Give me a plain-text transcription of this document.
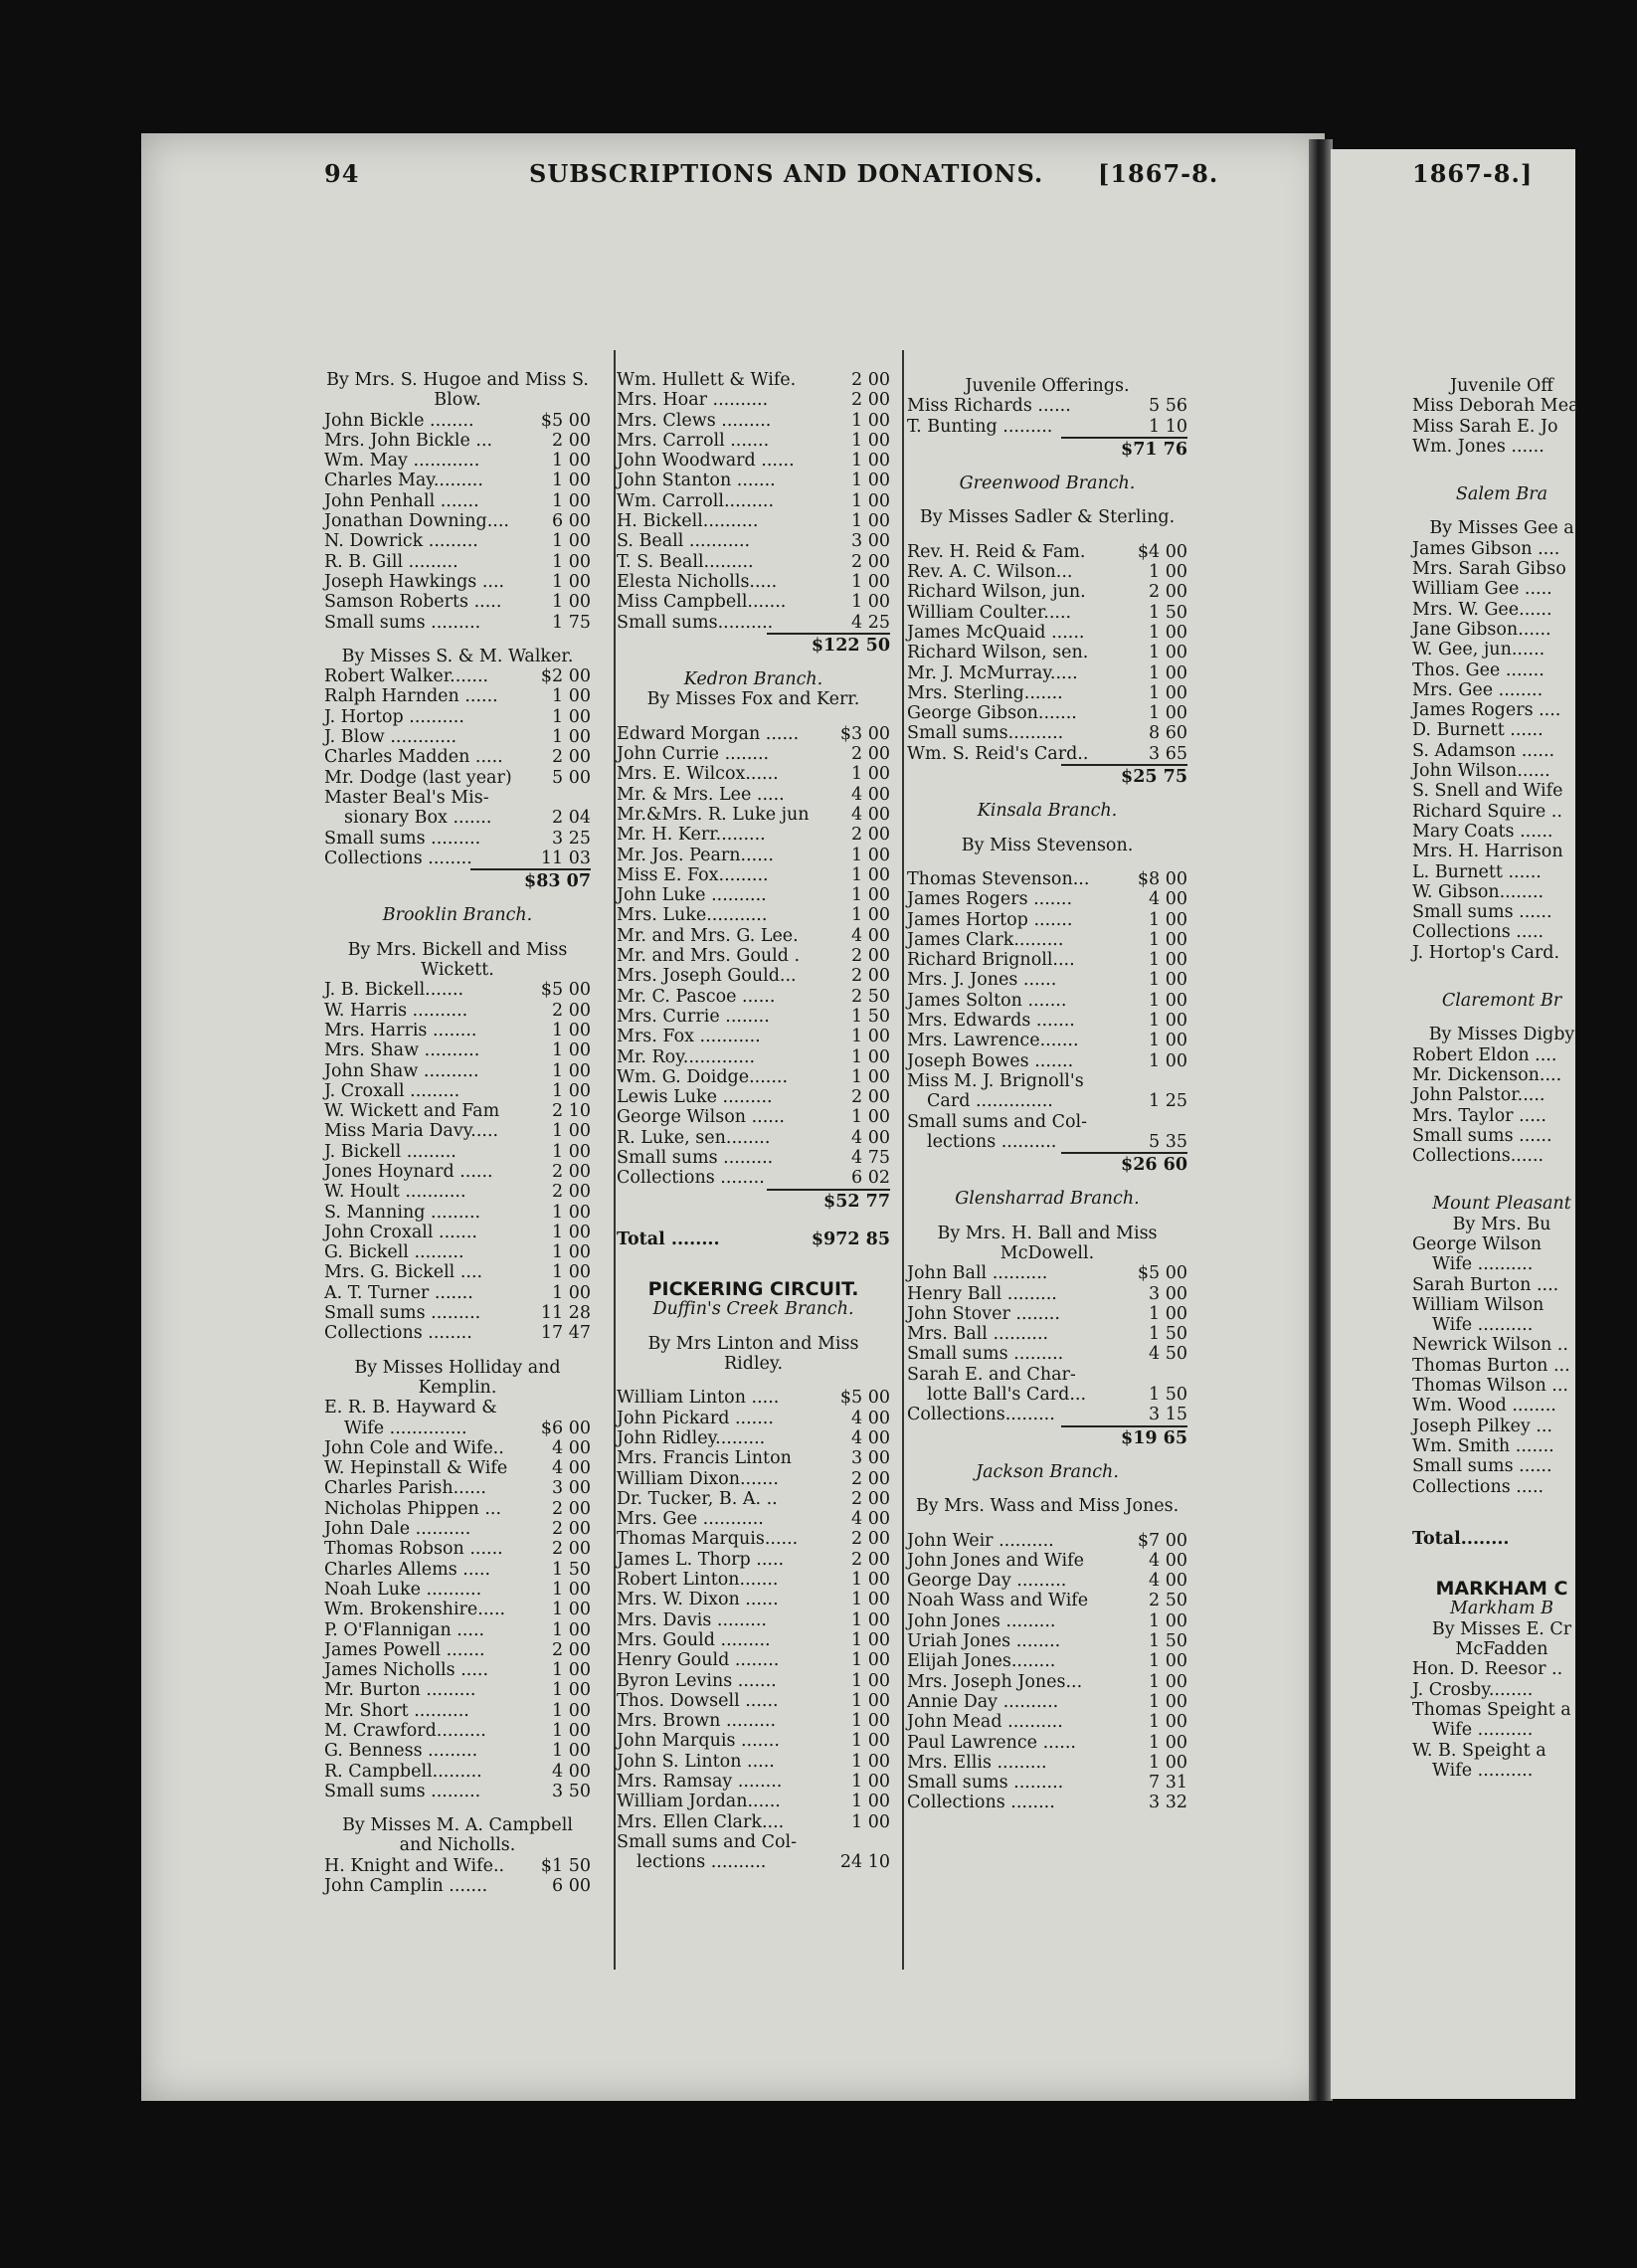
94	SUBSCRIPTIONS AND DONATIONS. [1867-8.	1867-8.]
By Mrs. S. Hugoe and Miss S.
Blow.
John Bickle ........	$5 00
Mrs. John Bickle ...	2 00
Wm. May ............	1 00
Charles May.........	1 00
John Penhall .......	1 00
Jonathan Downing....	6 00
N. Dowrick .........	1 00
R. B. Gill .........	1 00
Joseph Hawkings ....	1 00
Samson Roberts .....	1 00
Small sums .........	1 75
By Misses S. & M. Walker.
Robert Walker.......	$2 00
Ralph Harnden ......	1 00
J. Hortop ..........	1 00
J. Blow ............	1 00
Charles Madden .....	2 00
Mr. Dodge (last year)	5 00
Master Beal's Mis-
sionary Box .......	2 04
Small sums .........	3 25
Collections ........	11 03
$83 07
Brooklin Branch.
By Mrs. Bickell and Miss
Wickett.
J. B. Bickell.......	$5 00
W. Harris ..........	2 00
Mrs. Harris ........	1 00
Mrs. Shaw ..........	1 00
John Shaw ..........	1 00
J. Croxall .........	1 00
W. Wickett and Fam	2 10
Miss Maria Davy.....	1 00
J. Bickell .........	1 00
Jones Hoynard ......	2 00
W. Hoult ...........	2 00
S. Manning .........	1 00
John Croxall .......	1 00
G. Bickell .........	1 00
Mrs. G. Bickell ....	1 00
A. T. Turner .......	1 00
Small sums .........	11 28
Collections ........	17 47
By Misses Holliday and
Kemplin.
E. R. B. Hayward &
Wife ..............	$6 00
John Cole and Wife..	4 00
W. Hepinstall & Wife	4 00
Charles Parish......	3 00
Nicholas Phippen ...	2 00
John Dale ..........	2 00
Thomas Robson ......	2 00
Charles Allems .....	1 50
Noah Luke ..........	1 00
Wm. Brokenshire.....	1 00
P. O'Flannigan .....	1 00
James Powell .......	2 00
James Nicholls .....	1 00
Mr. Burton .........	1 00
Mr. Short ..........	1 00
M. Crawford.........	1 00
G. Benness .........	1 00
R. Campbell.........	4 00
Small sums .........	3 50
By Misses M. A. Campbell
and Nicholls.
H. Knight and Wife..	$1 50
John Camplin .......	6 00
Wm. Hullett & Wife.	2 00
Mrs. Hoar ..........	2 00
Mrs. Clews .........	1 00
Mrs. Carroll .......	1 00
John Woodward ......	1 00
John Stanton .......	1 00
Wm. Carroll.........	1 00
H. Bickell..........	1 00
S. Beall ...........	3 00
T. S. Beall.........	2 00
Elesta Nicholls.....	1 00
Miss Campbell.......	1 00
Small sums..........	4 25
$122 50
Kedron Branch.
By Misses Fox and Kerr.
Edward Morgan ......	$3 00
John Currie ........	2 00
Mrs. E. Wilcox......	1 00
Mr. & Mrs. Lee .....	4 00
Mr.&Mrs. R. Luke jun	4 00
Mr. H. Kerr.........	2 00
Mr. Jos. Pearn......	1 00
Miss E. Fox.........	1 00
John Luke ..........	1 00
Mrs. Luke...........	1 00
Mr. and Mrs. G. Lee.	4 00
Mr. and Mrs. Gould .	2 00
Mrs. Joseph Gould...	2 00
Mr. C. Pascoe ......	2 50
Mrs. Currie ........	1 50
Mrs. Fox ...........	1 00
Mr. Roy.............	1 00
Wm. G. Doidge.......	1 00
Lewis Luke .........	2 00
George Wilson ......	1 00
R. Luke, sen........	4 00
Small sums .........	4 75
Collections ........	6 02
$52 77
Total ........	$972 85
PICKERING CIRCUIT.
Duffin's Creek Branch.
By Mrs Linton and Miss
Ridley.
William Linton .....	$5 00
John Pickard .......	4 00
John Ridley.........	4 00
Mrs. Francis Linton	3 00
William Dixon.......	2 00
Dr. Tucker, B. A. ..	2 00
Mrs. Gee ...........	4 00
Thomas Marquis......	2 00
James L. Thorp .....	2 00
Robert Linton.......	1 00
Mrs. W. Dixon ......	1 00
Mrs. Davis .........	1 00
Mrs. Gould .........	1 00
Henry Gould ........	1 00
Byron Levins .......	1 00
Thos. Dowsell ......	1 00
Mrs. Brown .........	1 00
John Marquis .......	1 00
John S. Linton .....	1 00
Mrs. Ramsay ........	1 00
William Jordan......	1 00
Mrs. Ellen Clark....	1 00
Small sums and Col-
lections ..........	24 10
Juvenile Offerings.
Miss Richards ......	5 56
T. Bunting .........	1 10
$71 76
Greenwood Branch.
By Misses Sadler & Sterling.
Rev. H. Reid & Fam.	$4 00
Rev. A. C. Wilson...	1 00
Richard Wilson, jun.	2 00
William Coulter.....	1 50
James McQuaid ......	1 00
Richard Wilson, sen.	1 00
Mr. J. McMurray.....	1 00
Mrs. Sterling.......	1 00
George Gibson.......	1 00
Small sums..........	8 60
Wm. S. Reid's Card..	3 65
$25 75
Kinsala Branch.
By Miss Stevenson.
Thomas Stevenson...	$8 00
James Rogers .......	4 00
James Hortop .......	1 00
James Clark.........	1 00
Richard Brignoll....	1 00
Mrs. J. Jones ......	1 00
James Solton .......	1 00
Mrs. Edwards .......	1 00
Mrs. Lawrence.......	1 00
Joseph Bowes .......	1 00
Miss M. J. Brignoll's
Card ..............	1 25
Small sums and Col-
lections ..........	5 35
$26 60
Glensharrad Branch.
By Mrs. H. Ball and Miss
McDowell.
John Ball ..........	$5 00
Henry Ball .........	3 00
John Stover ........	1 00
Mrs. Ball ..........	1 50
Small sums .........	4 50
Sarah E. and Char-
lotte Ball's Card...	1 50
Collections.........	3 15
$19 65
Jackson Branch.
By Mrs. Wass and Miss Jones.
John Weir ..........	$7 00
John Jones and Wife	4 00
George Day .........	4 00
Noah Wass and Wife	2 50
John Jones .........	1 00
Uriah Jones ........	1 50
Elijah Jones........	1 00
Mrs. Joseph Jones...	1 00
Annie Day ..........	1 00
John Mead ..........	1 00
Paul Lawrence ......	1 00
Mrs. Ellis .........	1 00
Small sums .........	7 31
Collections ........	3 32
Juvenile Off
Miss Deborah Mea
Miss Sarah E. Jo
Wm. Jones ......
Salem Bra
By Misses Gee a
James Gibson ....
Mrs. Sarah Gibso
William Gee .....
Mrs. W. Gee......
Jane Gibson......
W. Gee, jun......
Thos. Gee .......
Mrs. Gee ........
James Rogers ....
D. Burnett ......
S. Adamson ......
John Wilson......
S. Snell and Wife
Richard Squire ..
Mary Coats ......
Mrs. H. Harrison
L. Burnett ......
W. Gibson........
Small sums ......
Collections .....
J. Hortop's Card.
Claremont Br
By Misses Digby
Robert Eldon ....
Mr. Dickenson....
John Palstor.....
Mrs. Taylor .....
Small sums ......
Collections......
Mount Pleasant
By Mrs. Bu
George Wilson
Wife ..........
Sarah Burton ....
William Wilson
Wife ..........
Newrick Wilson ..
Thomas Burton ...
Thomas Wilson ...
Wm. Wood ........
Joseph Pilkey ...
Wm. Smith .......
Small sums ......
Collections .....
Total........
MARKHAM C
Markham B
By Misses E. Cr
McFadden
Hon. D. Reesor ..
J. Crosby........
Thomas Speight a
Wife ..........
W. B. Speight a
Wife ..........
